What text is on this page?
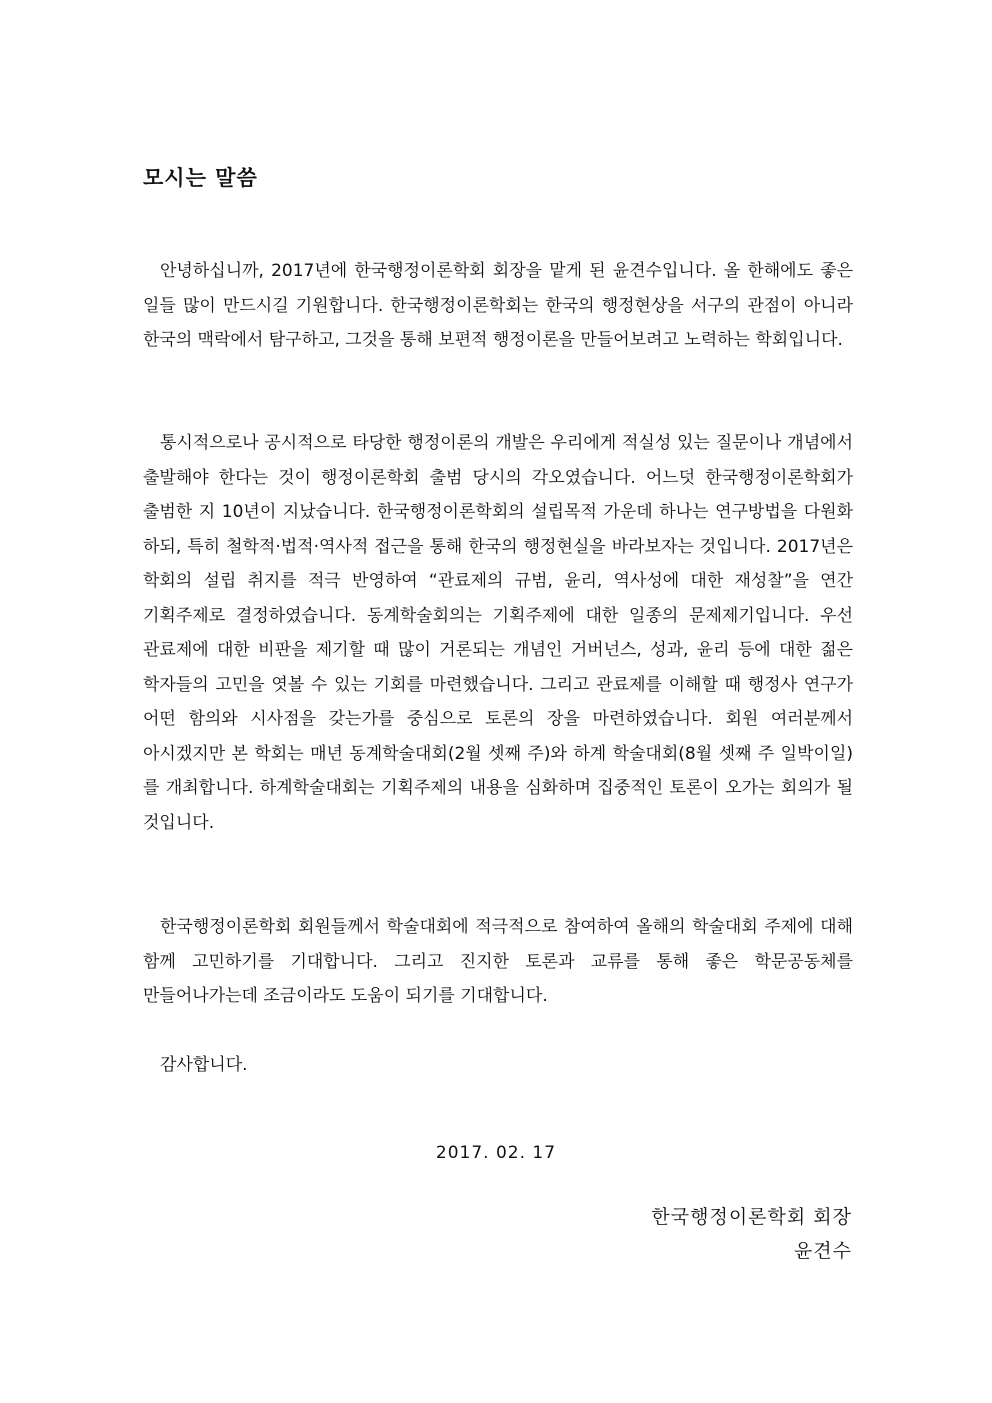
모시는 말씀

안녕하십니까, 2017년에 한국행정이론학회 회장을 맡게 된 윤견수입니다. 올 한해에도 좋은 일들 많이 만드시길 기원합니다. 한국행정이론학회는 한국의 행정현상을 서구의 관점이 아니라 한국의 맥락에서 탐구하고, 그것을 통해 보편적 행정이론을 만들어보려고 노력하는 학회입니다.

통시적으로나 공시적으로 타당한 행정이론의 개발은 우리에게 적실성 있는 질문이나 개념에서 출발해야 한다는 것이 행정이론학회 출범 당시의 각오였습니다. 어느덧 한국행정이론학회가 출범한 지 10년이 지났습니다. 한국행정이론학회의 설립목적 가운데 하나는 연구방법을 다원화 하되, 특히 철학적·법적·역사적 접근을 통해 한국의 행정현실을 바라보자는 것입니다. 2017년은 학회의 설립 취지를 적극 반영하여 “관료제의 규범, 윤리, 역사성에 대한 재성찰”을 연간 기획주제로 결정하였습니다. 동계학술회의는 기획주제에 대한 일종의 문제제기입니다. 우선 관료제에 대한 비판을 제기할 때 많이 거론되는 개념인 거버넌스, 성과, 윤리 등에 대한 젊은 학자들의 고민을 엿볼 수 있는 기회를 마련했습니다. 그리고 관료제를 이해할 때 행정사 연구가 어떤 함의와 시사점을 갖는가를 중심으로 토론의 장을 마련하였습니다. 회원 여러분께서 아시겠지만 본 학회는 매년 동계학술대회(2월 셋째 주)와 하계 학술대회(8월 셋째 주 일박이일)를 개최합니다. 하계학술대회는 기획주제의 내용을 심화하며 집중적인 토론이 오가는 회의가 될 것입니다.

한국행정이론학회 회원들께서 학술대회에 적극적으로 참여하여 올해의 학술대회 주제에 대해 함께 고민하기를 기대합니다. 그리고 진지한 토론과 교류를 통해 좋은 학문공동체를 만들어나가는데 조금이라도 도움이 되기를 기대합니다.

감사합니다.

2017. 02. 17

한국행정이론학회 회장

윤견수
